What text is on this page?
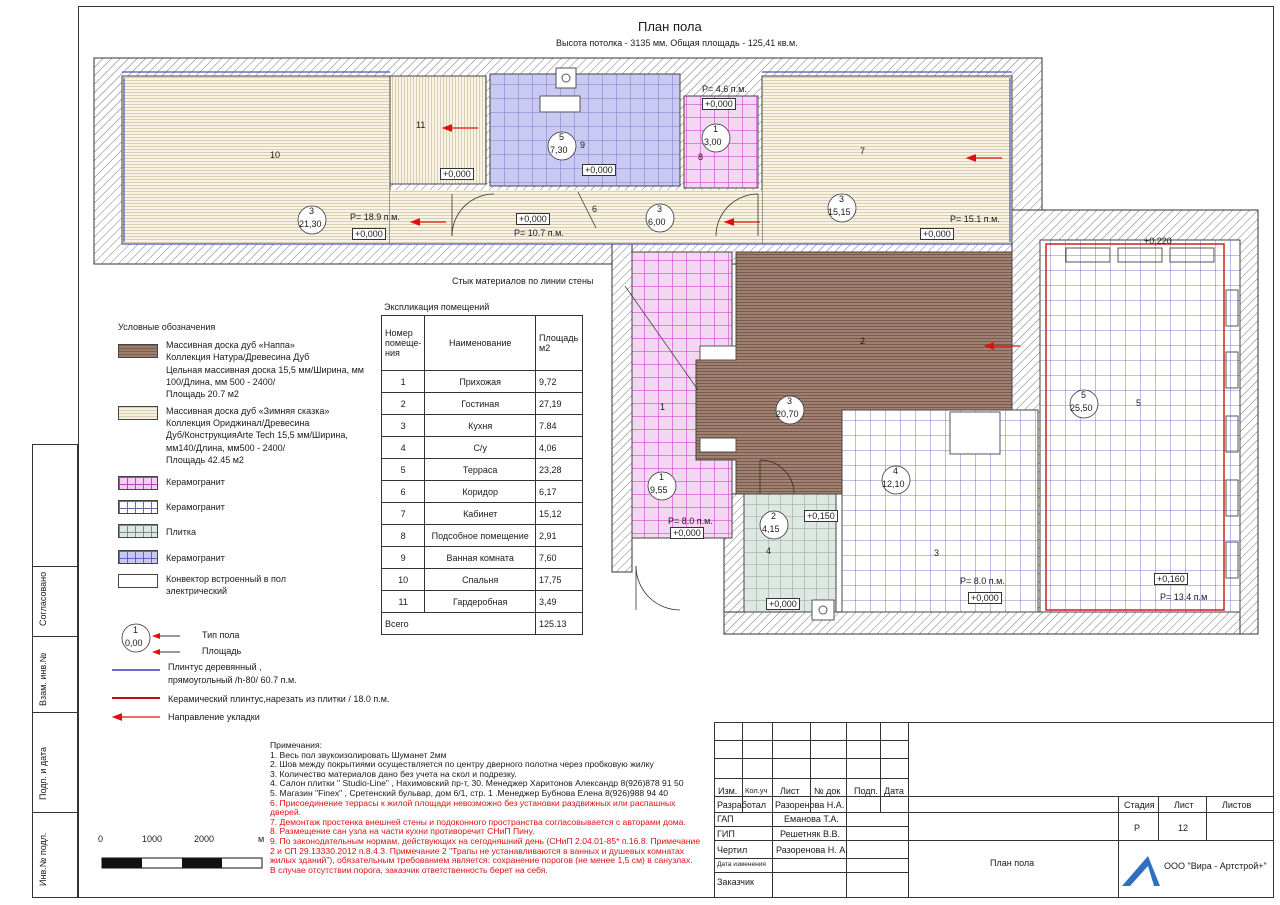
План пола
Высота потолка - 3135 мм. Общая площадь - 125,41 кв.м.
10
11
9
8
7
6
2
1	5
4	3
3
21,30
5
7,30
1
3,00
3
6,00
3
15,15
3
20,70
1
9,55
2
4,15
4
12,10
5
25,50
P= 18.9 п.м.
P= 10.7 п.м.
P= 15.1 п.м.
P= 4.6 п.м.
P= 8.0 п.м.
P= 8.0 п.м.
P= 13.4 п.м
Стык материалов по линии стены
+0,000
+0,000	+0,000
+0,000
+0,000
+0,000
+0,000
+0,000
+0,000
+0,150
+0,160
+0,220
Условные обозначения
Массивная доска дуб «Нaппа»
Коллекция Натура/Древесина Дуб
Цельная массивная доска 15,5 мм/Ширина, мм
100/Длина, мм 500 - 2400/
Площадь 20.7 м2
Массивная доска дуб «Зимняя сказка»
Коллекция Ориджинал/Древесина
Дуб/КонструкцияArte Tech 15,5 мм/Ширина,
мм140/Длина, мм500 - 2400/
Площадь 42.45 м2
Керамогранит
Керамогранит
Плитка
Керамогранит
Конвектор встроенный в пол
электрический
1
0,00
Тип пола
Площадь
Плинтус деревянный ,
прямоугольный /h-80/ 60.7 п.м.
Керамический плинтус,нарезать из плитки / 18.0 п.м.
Направление укладки
Экспликация помещений
Номер помеще-ния	Наименование	Площадь м2
1	Прихожая	9,72
2	Гостиная	27,19
3	Кухня	7.84
4	С/у	4,06
5	Терраса	23,28
6	Коридор	6,17
7	Кабинет	15,12
8	Подсобное помещение	2,91
9	Ванная комната	7,60
10	Спальня	17,75
11	Гардеробная	3,49
Всего		125.13
Примечания:
1. Весь пол звукоизолировать Шуманет 2мм
2. Шов между покрытиями осуществляется по центру дверного полотна через пробковую жилку
3. Количество материалов дано без учета на скол и подрезку.
4. Салон плитки " Studio-Line" , Нахимовский пр-т, 30. Менеджер Харитонов Александр 8(926)878 91 50
5. Магазин "Finex" , Сретенский бульвар, дом 6/1, стр. 1 .Менеджер Бубнова Елена 8(926)988 94 40
6. Присоединение террасы к жилой площади невозможно без установки раздвижных или распашных
дверей.
7. Демонтаж простенка внешней стены и подоконного пространства согласовывается с авторами дома.
8. Размещение сан узла на части кухни противоречит СНиП Пину.
9. По законодательным нормам, действующих на сегодняшний день (СНиП 2.04.01-85* п.16.8. Примечание
2 и СП 29.13330.2012 п.8.4.3. Примечание 2 "Трапы не устанавливаются в ванных и душевых комнатах
жилых зданий"), обязательным требованием является: сохранение порогов (не менее 1,5 см) в санузлах.
В случае отсутствии порога, заказчик ответственность берет на себя.
0	1000	2000	м
Согласовано
Взам. инв.№
Подп. и дата
Инв.№ подл.
Изм. Кол.уч Лист № док Подп. Дата
Разработал Разоренова Н.А.
ГАП	Еманова Т.А.
ГИП	Решетняк В.В.
Чертил	Разоренова Н. А.
Дата изменения
Заказчик
Стадия Лист	Листов
Р	12
План пола	ООО "Вира - Артстрой+"
